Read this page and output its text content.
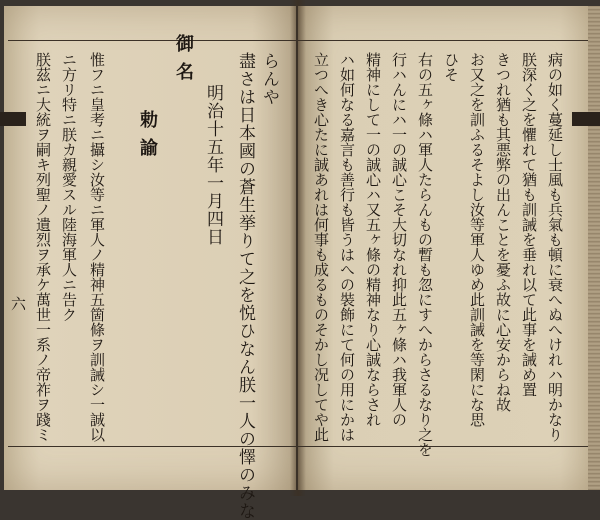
六
らんや
盡さは日本國の蒼生挙りて之を悦ひなん朕一人の懌のみな
明治十五年一月四日
勅諭
御名
惟フニ皇考ニ攝シ汝等ニ軍人ノ精神五箇條ヲ訓誡シ一誠以
ニ方リ特ニ朕カ親愛スル陸海軍人ニ告ク
朕茲ニ大統ヲ嗣キ列聖ノ遺烈ヲ承ケ萬世一系ノ帝祚ヲ踐ミ	病の如く蔓延し士風も兵氣も頓に衰へぬへけれハ明かなり
朕深く之を懼れて猶も訓誡を垂れ以て此事を誡め置
きつれ猶も其悪弊の出んことを憂ふ故に心安からね故
お又之を訓ふるそよし汝等軍人ゆめ此訓誡を等閑にな思
ひそ
右の五ヶ條ハ軍人たらんもの暫も忽にすへからさるなり之を
行ハんにハ一の誠心こそ大切なれ抑此五ヶ條ハ我軍人の
精神にして一の誠心ハ又五ヶ條の精神なり心誠ならされ
ハ如何なる嘉言も善行も皆うはへの裝飾にて何の用にかは
立つへき心たに誠あれは何事も成るものそかし况してや此
